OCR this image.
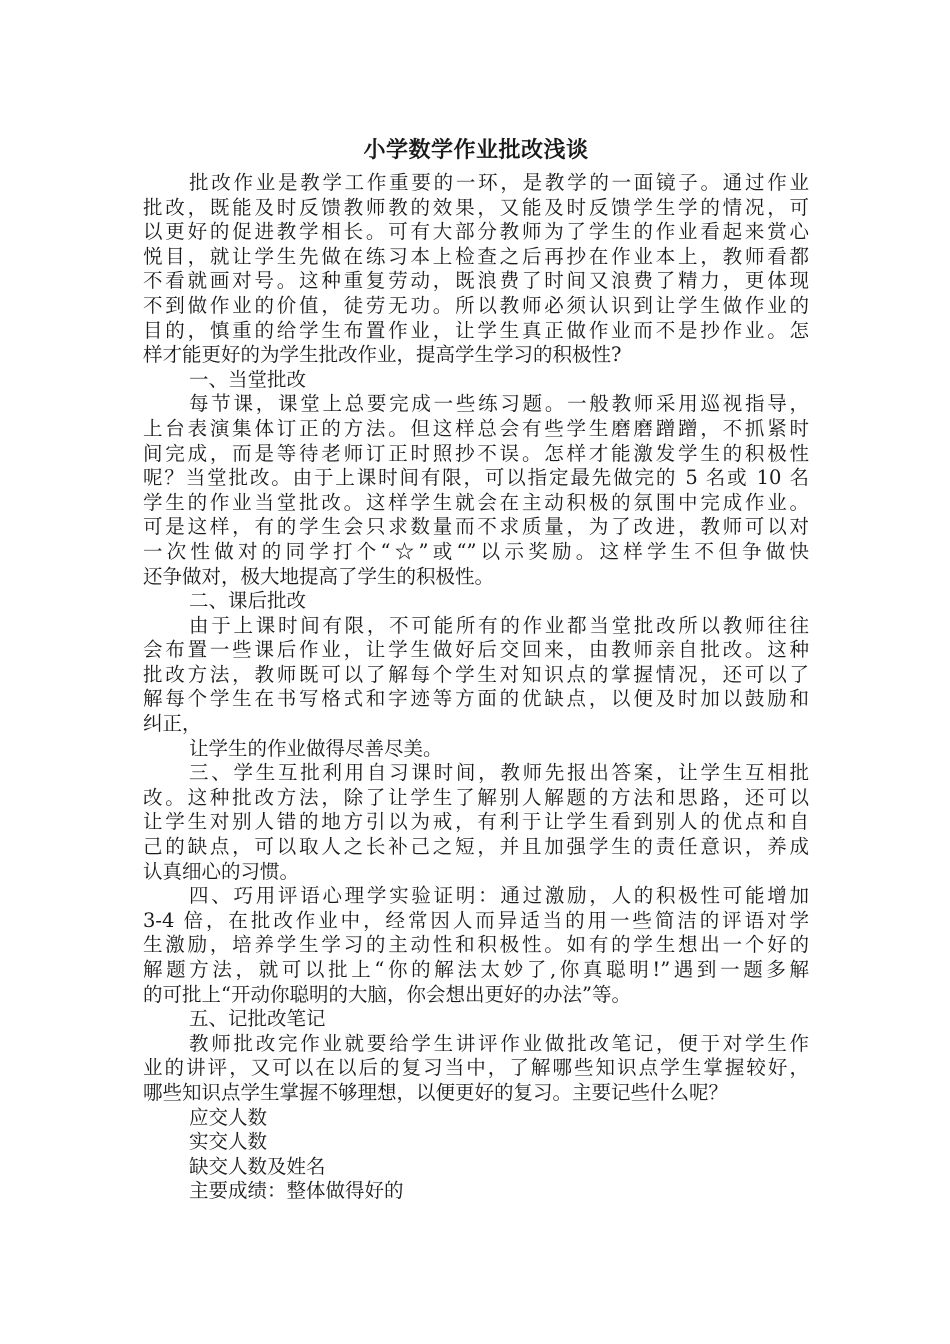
小学数学作业批改浅谈
批改作业是教学工作重要的一环，是教学的一面镜子。通过作业
批改，既能及时反馈教师教的效果，又能及时反馈学生学的情况，可
以更好的促进教学相长。可有大部分教师为了学生的作业看起来赏心
悦目，就让学生先做在练习本上检查之后再抄在作业本上，教师看都
不看就画对号。这种重复劳动，既浪费了时间又浪费了精力，更体现
不到做作业的价值，徒劳无功。所以教师必须认识到让学生做作业的
目的，慎重的给学生布置作业，让学生真正做作业而不是抄作业。怎
样才能更好的为学生批改作业，提高学生学习的积极性?
一、当堂批改
每节课，课堂上总要完成一些练习题。一般教师采用巡视指导，
上台表演集体订正的方法。但这样总会有些学生磨磨蹭蹭，不抓紧时
间完成，而是等待老师订正时照抄不误。怎样才能激发学生的积极性
呢？当堂批改。由于上课时间有限，可以指定最先做完的 5 名或 10 名
学生的作业当堂批改。这样学生就会在主动积极的氛围中完成作业。
可是这样，有的学生会只求数量而不求质量，为了改进，教师可以对
一次性做对的同学打个“☆”或“”以示奖励。这样学生不但争做快
还争做对，极大地提高了学生的积极性。
二、课后批改
由于上课时间有限，不可能所有的作业都当堂批改所以教师往往
会布置一些课后作业，让学生做好后交回来，由教师亲自批改。这种
批改方法，教师既可以了解每个学生对知识点的掌握情况，还可以了
解每个学生在书写格式和字迹等方面的优缺点，以便及时加以鼓励和
纠正，
让学生的作业做得尽善尽美。
三、学生互批利用自习课时间，教师先报出答案，让学生互相批
改。这种批改方法，除了让学生了解别人解题的方法和思路，还可以
让学生对别人错的地方引以为戒，有利于让学生看到别人的优点和自
己的缺点，可以取人之长补己之短，并且加强学生的责任意识，养成
认真细心的习惯。
四、巧用评语心理学实验证明：通过激励，人的积极性可能增加
3-4 倍，在批改作业中，经常因人而异适当的用一些简洁的评语对学
生激励，培养学生学习的主动性和积极性。如有的学生想出一个好的
解题方法，就可以批上“你的解法太妙了,你真聪明!”遇到一题多解
的可批上“开动你聪明的大脑，你会想出更好的办法”等。
五、记批改笔记
教师批改完作业就要给学生讲评作业做批改笔记，便于对学生作
业的讲评，又可以在以后的复习当中，了解哪些知识点学生掌握较好，
哪些知识点学生掌握不够理想，以便更好的复习。主要记些什么呢？
应交人数
实交人数
缺交人数及姓名
主要成绩：整体做得好的
